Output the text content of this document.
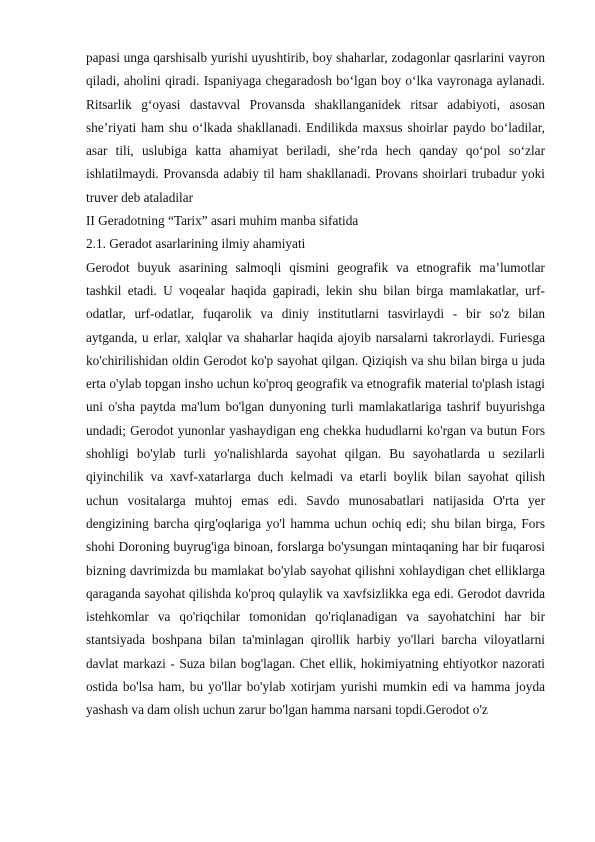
papasi unga qarshisalb yurishi uyushtirib, boy shaharlar, zodagonlar qasrlarini vayron qiladi, aholini qiradi. Ispaniyaga chegaradosh bo‘lgan boy o‘lka vayronaga aylanadi. Ritsarlik g‘oyasi dastavval Provansda shakllanganidek ritsar adabiyoti, asosan she’riyati ham shu o‘lkada shakllanadi. Endilikda maxsus shoirlar paydo bo‘ladilar, asar tili, uslubiga katta ahamiyat beriladi, she’rda hech qanday qo‘pol so‘zlar ishlatilmaydi. Provansda adabiy til ham shakllanadi. Provans shoirlari trubadur yoki truver deb ataladilar

II Geradotning “Tarix” asari muhim manba sifatida

2.1. Geradot asarlarining ilmiy ahamiyati

Gerodot buyuk asarining salmoqli qismini geografik va etnografik ma’lumotlar tashkil etadi. U voqealar haqida gapiradi, lekin shu bilan birga mamlakatlar, urf-odatlar, urf-odatlar, fuqarolik va diniy institutlarni tasvirlaydi - bir so'z bilan aytganda, u erlar, xalqlar va shaharlar haqida ajoyib narsalarni takrorlaydi. Furiesga ko'chirilishidan oldin Gerodot ko'p sayohat qilgan. Qiziqish va shu bilan birga u juda erta o'ylab topgan insho uchun ko'proq geografik va etnografik material to'plash istagi uni o'sha paytda ma'lum bo'lgan dunyoning turli mamlakatlariga tashrif buyurishga undadi; Gerodot yunonlar yashaydigan eng chekka hududlarni ko'rgan va butun Fors shohligi bo'ylab turli yo'nalishlarda sayohat qilgan. Bu sayohatlarda u sezilarli qiyinchilik va xavf-xatarlarga duch kelmadi va etarli boylik bilan sayohat qilish uchun vositalarga muhtoj emas edi. Savdo munosabatlari natijasida O'rta yer dengizining barcha qirg'oqlariga yo'l hamma uchun ochiq edi; shu bilan birga, Fors shohi Doroning buyrug'iga binoan, forslarga bo'ysungan mintaqaning har bir fuqarosi bizning davrimizda bu mamlakat bo'ylab sayohat qilishni xohlaydigan chet elliklarga qaraganda sayohat qilishda ko'proq qulaylik va xavfsizlikka ega edi. Gerodot davrida istehkomlar va qo'riqchilar tomonidan qo'riqlanadigan va sayohatchini har bir stantsiyada boshpana bilan ta'minlagan qirollik harbiy yo'llari barcha viloyatlarni davlat markazi - Suza bilan bog'lagan. Chet ellik, hokimiyatning ehtiyotkor nazorati ostida bo'lsa ham, bu yo'llar bo'ylab xotirjam yurishi mumkin edi va hamma joyda yashash va dam olish uchun zarur bo'lgan hamma narsani topdi.Gerodot o'z
